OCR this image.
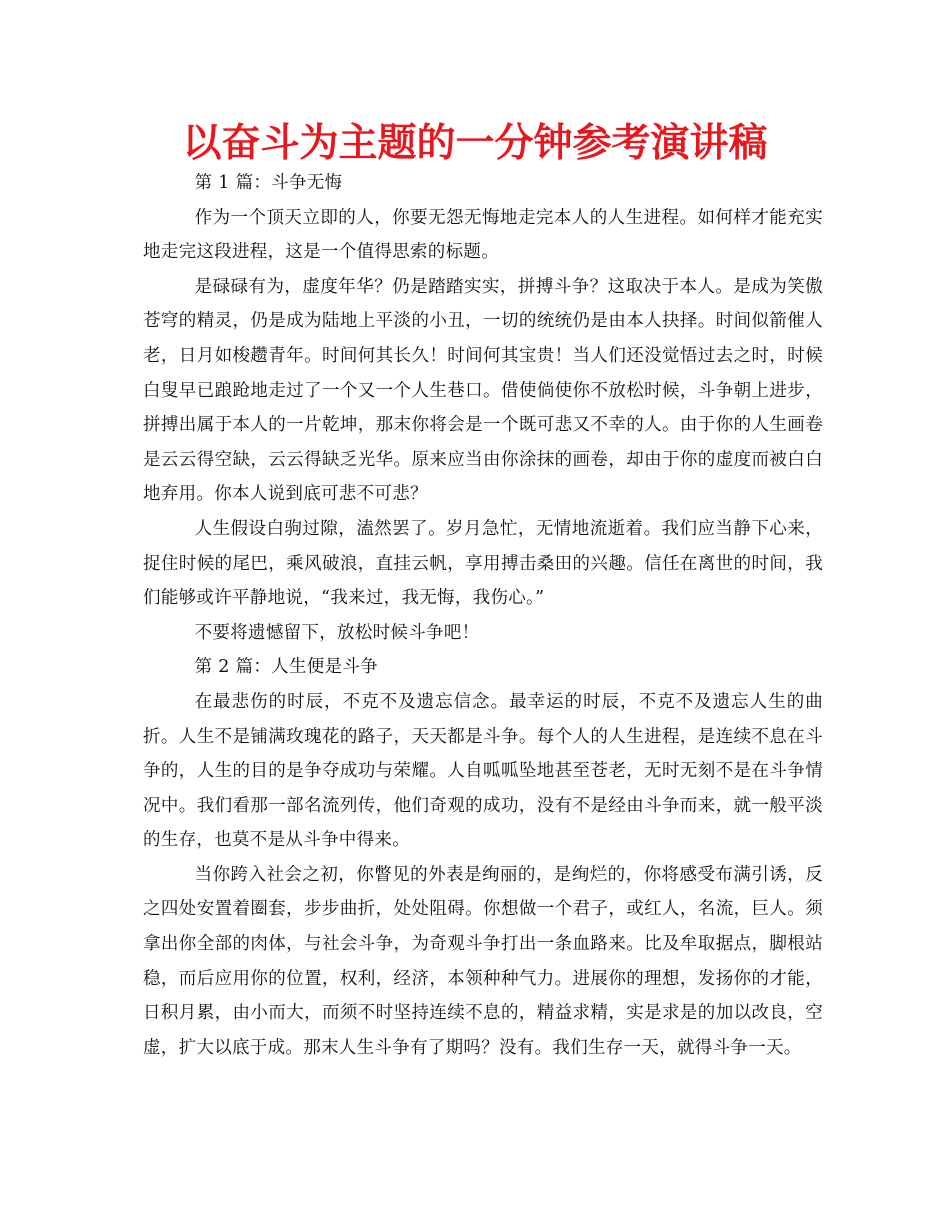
以奋斗为主题的一分钟参考演讲稿

第 1 篇：斗争无悔

作为一个顶天立即的人，你要无怨无悔地走完本人的人生进程。如何样才能充实地走完这段进程，这是一个值得思索的标题。

是碌碌有为，虚度年华？仍是踏踏实实，拼搏斗争？这取决于本人。是成为笑傲苍穹的精灵，仍是成为陆地上平淡的小丑，一切的统统仍是由本人抉择。时间似箭催人老，日月如梭趱青年。时间何其长久！时间何其宝贵！当人们还没觉悟过去之时，时候白叟早已踉跄地走过了一个又一个人生巷口。借使倘使你不放松时候，斗争朝上进步，拼搏出属于本人的一片乾坤，那末你将会是一个既可悲又不幸的人。由于你的人生画卷是云云得空缺，云云得缺乏光华。原来应当由你涂抹的画卷，却由于你的虚度而被白白地弃用。你本人说到底可悲不可悲？

人生假设白驹过隙，溘然罢了。岁月急忙，无情地流逝着。我们应当静下心来，捉住时候的尾巴，乘风破浪，直挂云帆，享用搏击桑田的兴趣。信任在离世的时间，我们能够或许平静地说，“我来过，我无悔，我伤心。”

不要将遗憾留下，放松时候斗争吧！

第 2 篇：人生便是斗争

在最悲伤的时辰，不克不及遗忘信念。最幸运的时辰，不克不及遗忘人生的曲折。人生不是铺满玫瑰花的路子，天天都是斗争。每个人的人生进程，是连续不息在斗争的，人生的目的是争夺成功与荣耀。人自呱呱坠地甚至苍老，无时无刻不是在斗争情况中。我们看那一部名流列传，他们奇观的成功，没有不是经由斗争而来，就一般平淡的生存，也莫不是从斗争中得来。

当你跨入社会之初，你瞥见的外表是绚丽的，是绚烂的，你将感受布满引诱，反之四处安置着圈套，步步曲折，处处阻碍。你想做一个君子，或红人，名流，巨人。须拿出你全部的肉体，与社会斗争，为奇观斗争打出一条血路来。比及牟取据点，脚根站稳，而后应用你的位置，权利，经济，本领种种气力。进展你的理想，发扬你的才能，日积月累，由小而大，而须不时坚持连续不息的，精益求精，实是求是的加以改良，空虚，扩大以底于成。那末人生斗争有了期吗？没有。我们生存一天，就得斗争一天。
